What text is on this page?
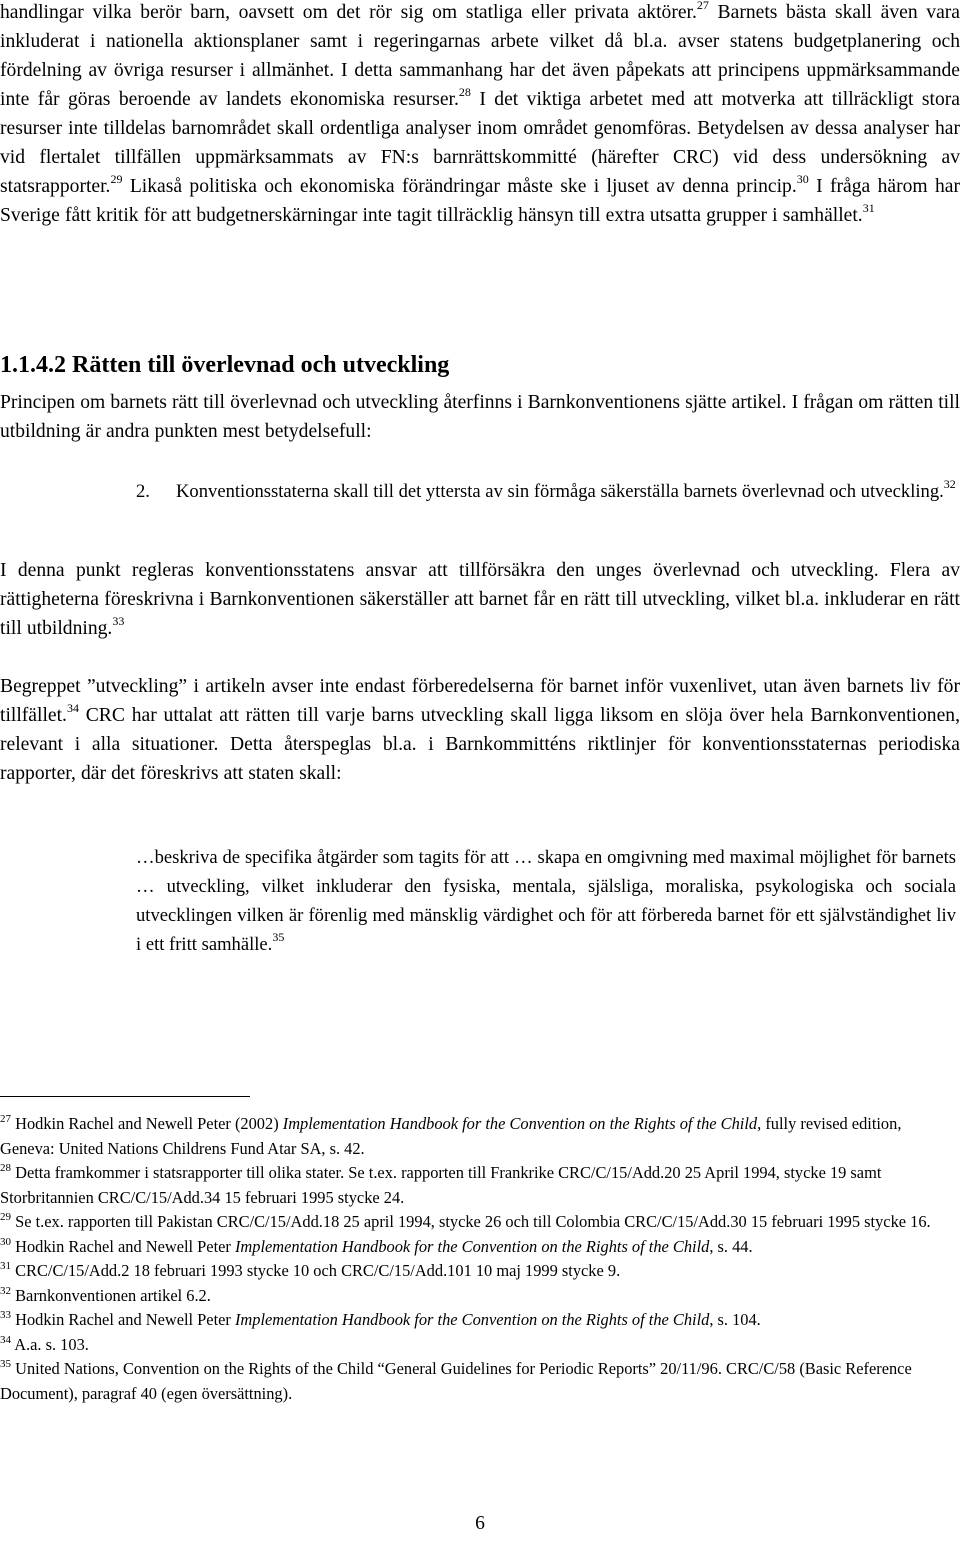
handlingar vilka berör barn, oavsett om det rör sig om statliga eller privata aktörer.$^{27}$ Barnets bästa skall även vara inkluderat i nationella aktionsplaner samt i regeringarnas arbete vilket då bl.a. avser statens budgetplanering och fördelning av övriga resurser i allmänhet. I detta sammanhang har det även påpekats att principens uppmärksammande inte får göras beroende av landets ekonomiska resurser.$^{28}$ I det viktiga arbetet med att motverka att tillräckligt stora resurser inte tilldelas barnområdet skall ordentliga analyser inom området genomföras. Betydelsen av dessa analyser har vid flertalet tillfällen uppmärksammats av FN:s barnrättskommitté (härefter CRC) vid dess undersökning av statsrapporter.$^{29}$ Likaså politiska och ekonomiska förändringar måste ske i ljuset av denna princip.$^{30}$ I fråga härom har Sverige fått kritik för att budgetnerskärningar inte tagit tillräcklig hänsyn till extra utsatta grupper i samhället.$^{31}$

1.1.4.2 Rätten till överlevnad och utveckling

Principen om barnets rätt till överlevnad och utveckling återfinns i Barnkonventionens sjätte artikel. I frågan om rätten till utbildning är andra punkten mest betydelsefull:

2. Konventionsstaterna skall till det yttersta av sin förmåga säkerställa barnets överlevnad och utveckling.$^{32}$

I denna punkt regleras konventionsstatens ansvar att tillförsäkra den unges överlevnad och utveckling. Flera av rättigheterna föreskrivna i Barnkonventionen säkerställer att barnet får en rätt till utveckling, vilket bl.a. inkluderar en rätt till utbildning.$^{33}$

Begreppet ”utveckling” i artikeln avser inte endast förberedelserna för barnet inför vuxenlivet, utan även barnets liv för tillfället.$^{34}$ CRC har uttalat att rätten till varje barns utveckling skall ligga liksom en slöja över hela Barnkonventionen, relevant i alla situationer. Detta återspeglas bl.a. i Barnkommitténs riktlinjer för konventionsstaternas periodiska rapporter, där det föreskrivs att staten skall:

…beskriva de specifika åtgärder som tagits för att … skapa en omgivning med maximal möjlighet för barnets … utveckling, vilket inkluderar den fysiska, mentala, själsliga, moraliska, psykologiska och sociala utvecklingen vilken är förenlig med mänsklig värdighet och för att förbereda barnet för ett självständighet liv i ett fritt samhälle.$^{35}$

$^{27}$ Hodkin Rachel and Newell Peter (2002) Implementation Handbook for the Convention on the Rights of the Child, fully revised edition, Geneva: United Nations Childrens Fund Atar SA, s. 42.

$^{28}$ Detta framkommer i statsrapporter till olika stater. Se t.ex. rapporten till Frankrike CRC/C/15/Add.20 25 April 1994, stycke 19 samt Storbritannien CRC/C/15/Add.34 15 februari 1995 stycke 24.

$^{29}$ Se t.ex. rapporten till Pakistan CRC/C/15/Add.18 25 april 1994, stycke 26 och till Colombia CRC/C/15/Add.30 15 februari 1995 stycke 16.

$^{30}$ Hodkin Rachel and Newell Peter Implementation Handbook for the Convention on the Rights of the Child, s. 44.

$^{31}$ CRC/C/15/Add.2 18 februari 1993 stycke 10 och CRC/C/15/Add.101 10 maj 1999 stycke 9.

$^{32}$ Barnkonventionen artikel 6.2.

$^{33}$ Hodkin Rachel and Newell Peter Implementation Handbook for the Convention on the Rights of the Child, s. 104.

$^{34}$ A.a. s. 103.

$^{35}$ United Nations, Convention on the Rights of the Child “General Guidelines for Periodic Reports” 20/11/96. CRC/C/58 (Basic Reference Document), paragraf 40 (egen översättning).

6
